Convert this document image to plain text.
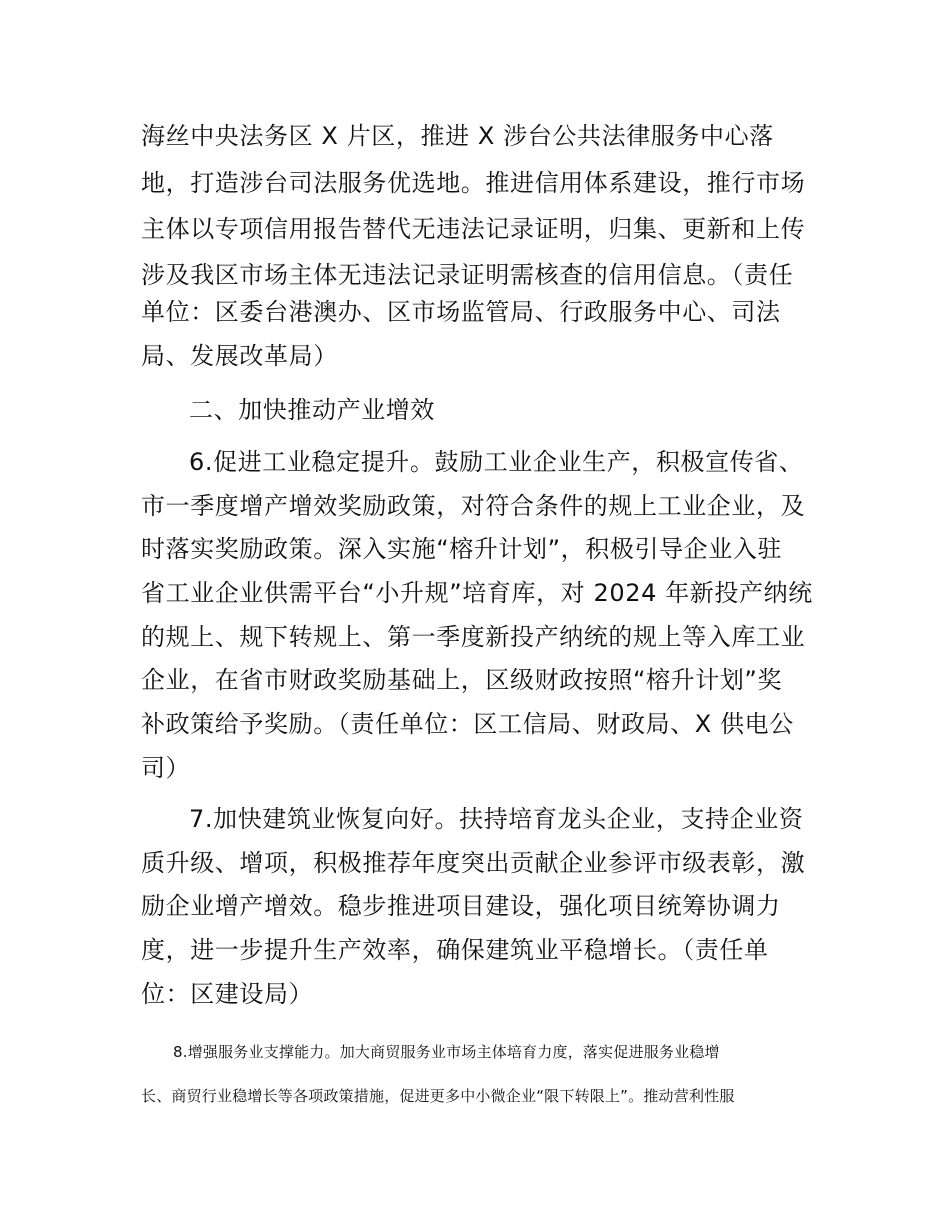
海丝中央法务区 X 片区，推进 X 涉台公共法律服务中心落
地，打造涉台司法服务优选地。推进信用体系建设，推行市场
主体以专项信用报告替代无违法记录证明，归集、更新和上传
涉及我区市场主体无违法记录证明需核查的信用信息。（责任
单位：区委台港澳办、区市场监管局、行政服务中心、司法
局、发展改革局）
二、加快推动产业增效
6.促进工业稳定提升。鼓励工业企业生产，积极宣传省、
市一季度增产增效奖励政策，对符合条件的规上工业企业，及
时落实奖励政策。深入实施“榕升计划”，积极引导企业入驻
省工业企业供需平台“小升规”培育库，对 2024 年新投产纳统
的规上、规下转规上、第一季度新投产纳统的规上等入库工业
企业，在省市财政奖励基础上，区级财政按照“榕升计划”奖
补政策给予奖励。（责任单位：区工信局、财政局、X 供电公
司）
7.加快建筑业恢复向好。扶持培育龙头企业，支持企业资
质升级、增项，积极推荐年度突出贡献企业参评市级表彰，激
励企业增产增效。稳步推进项目建设，强化项目统筹协调力
度，进一步提升生产效率，确保建筑业平稳增长。（责任单
位：区建设局）
8.增强服务业支撑能力。加大商贸服务业市场主体培育力度，落实促进服务业稳增
长、商贸行业稳增长等各项政策措施，促进更多中小微企业“限下转限上”。推动营利性服
